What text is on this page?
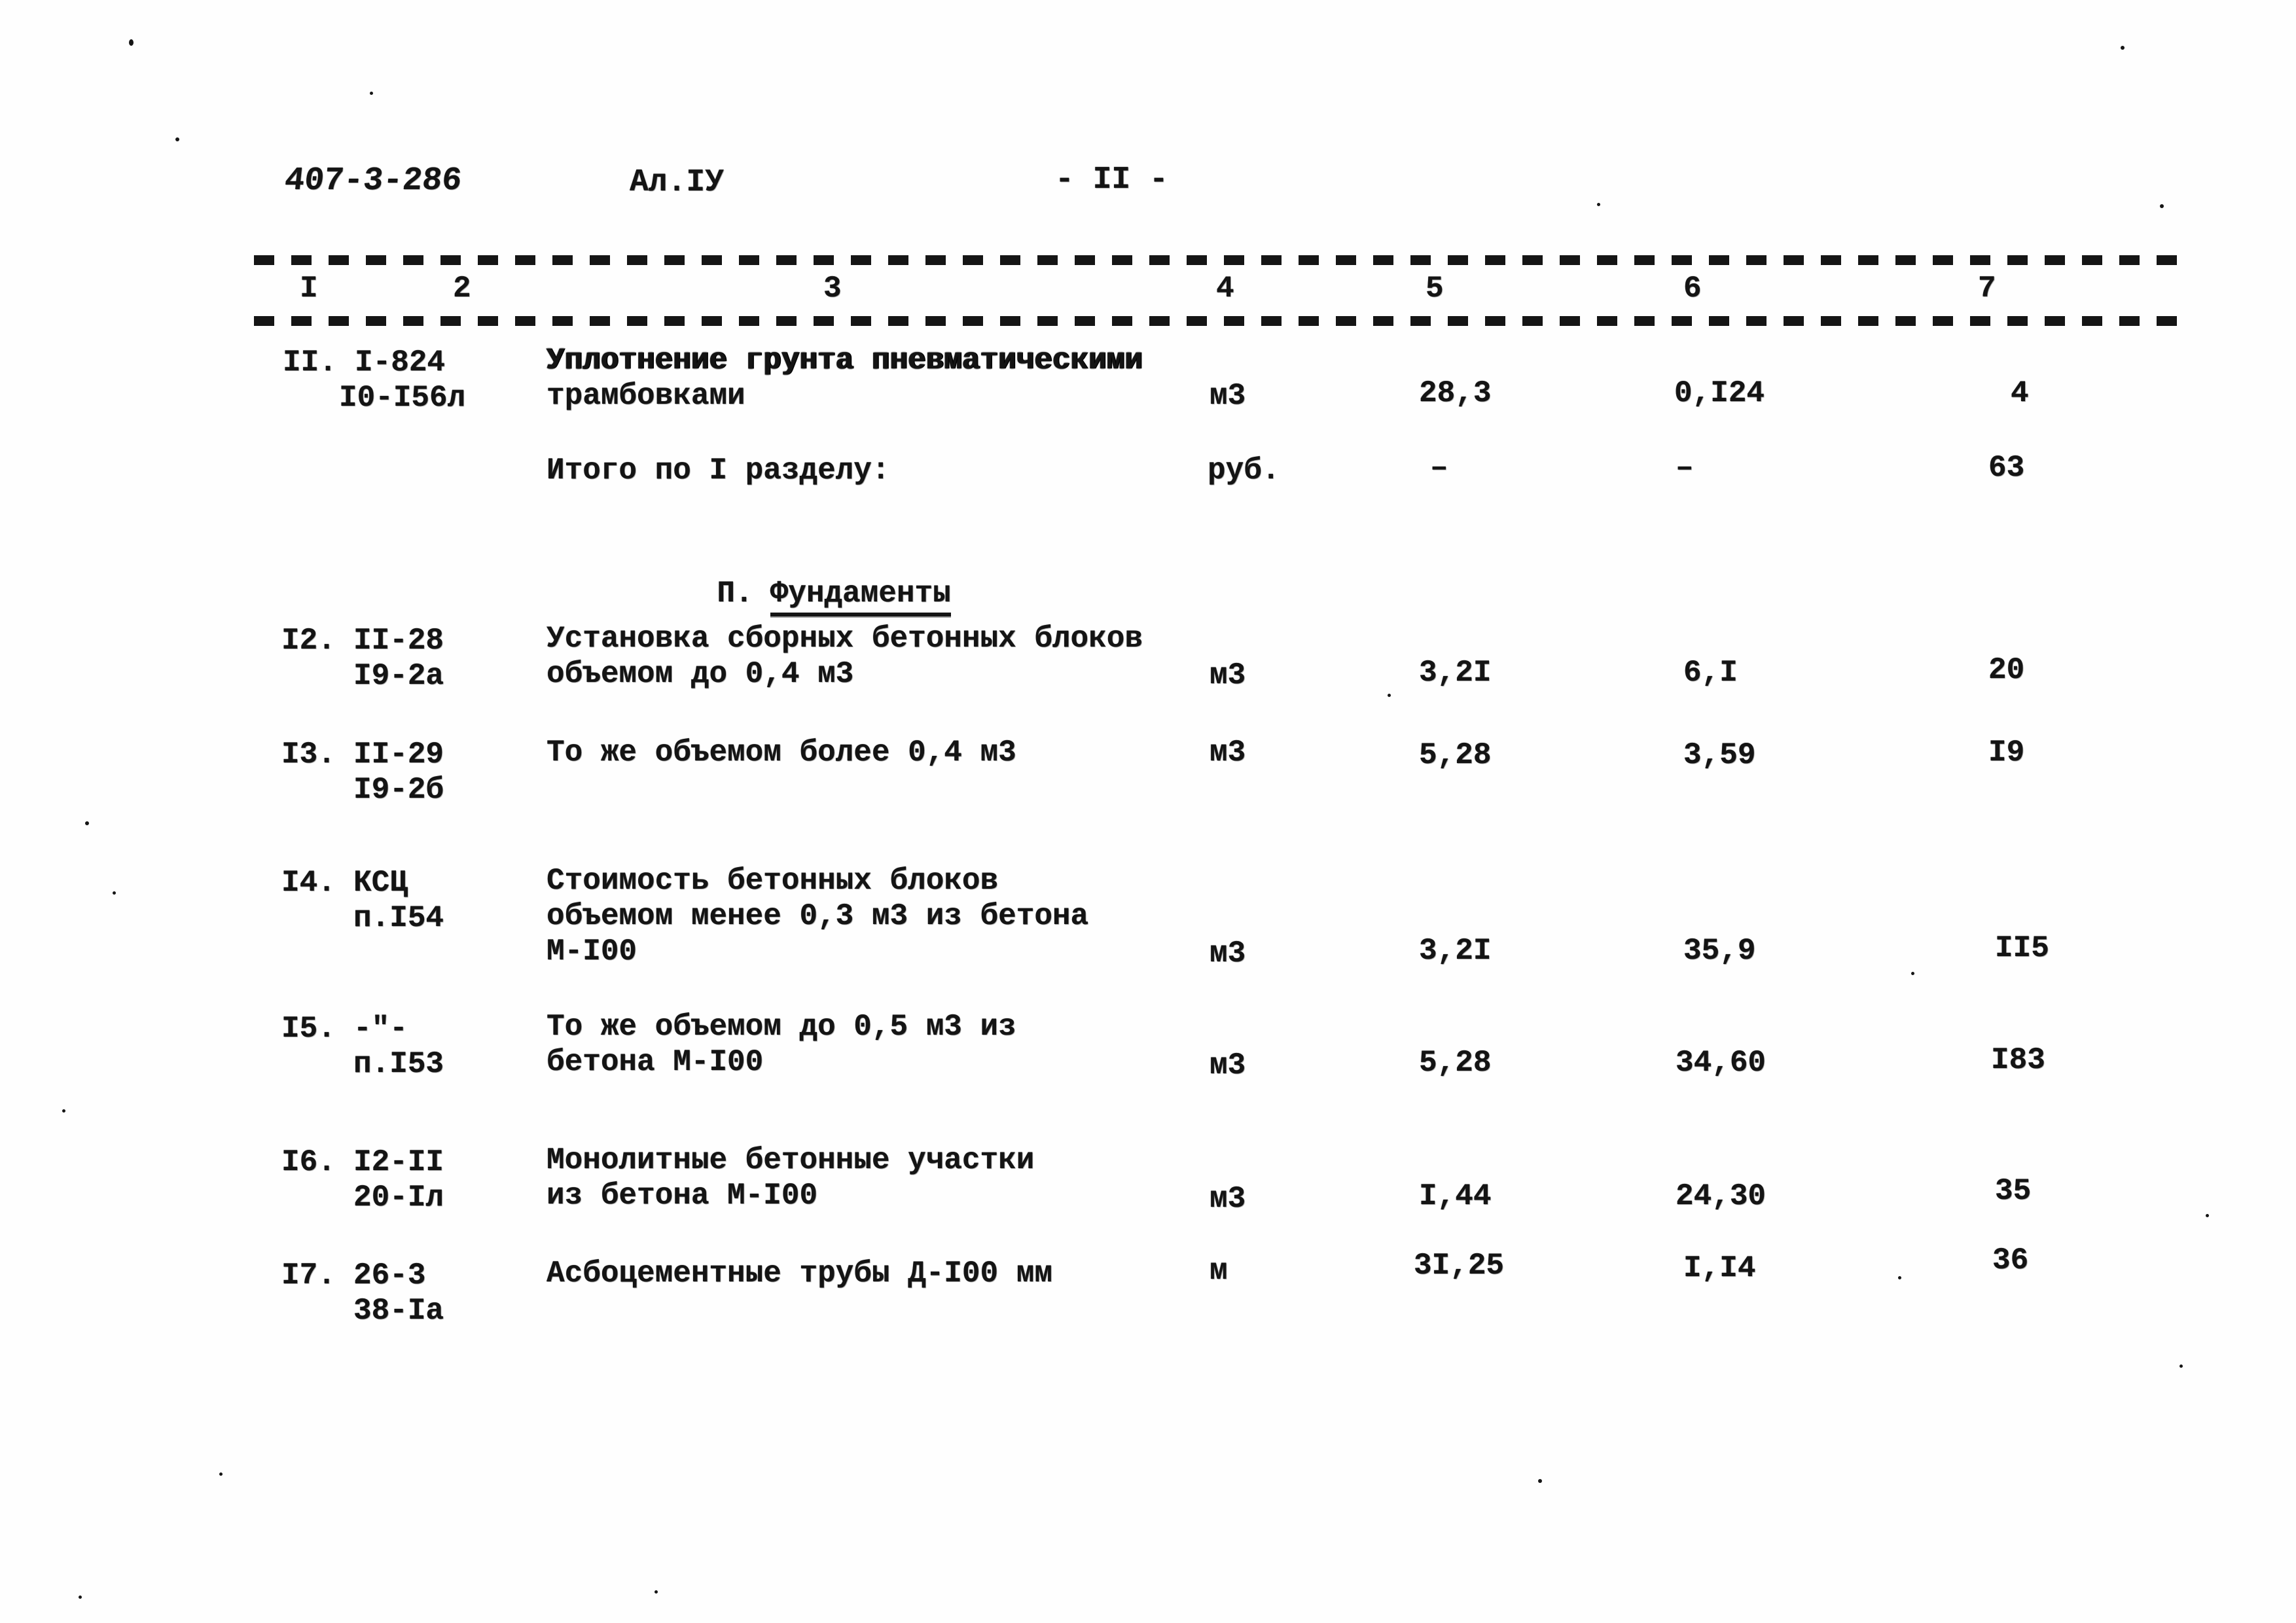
407-3-286	Ал.ІУ	- ІІ -
І	2	3	4	5	6	7
ІІ. І-824
І0-І56л
Уплотнение грунта пневматическими
трамбовками	м3	28,3	0,І24	4
Итого по I разделу:	руб.	–	–	63

П. Фундаменты

І2. ІІ-28
І9-2а
Установка сборных бетонных блоков
объемом до 0,4 м3	м3	3,2І	6,І	20
І3. ІІ-29
І9-2б
То же объемом более 0,4 м3	м3	5,28	3,59	І9
І4. КСЦ
п.І54
Стоимость бетонных блоков
объемом менее 0,3 м3 из бетона
М-І00	м3	3,2І	35,9	ІІ5
І5. -"-
п.І53
То же объемом до 0,5 м3 из
бетона М-І00	м3	5,28	34,60	І83
І6. І2-ІІ
20-Іл
Монолитные бетонные участки
из бетона М-І00	м3	І,44	24,30	35
І7. 26-3
38-Іа
Асбоцементные трубы Д-І00 мм	м	3І,25	І,І4	36
